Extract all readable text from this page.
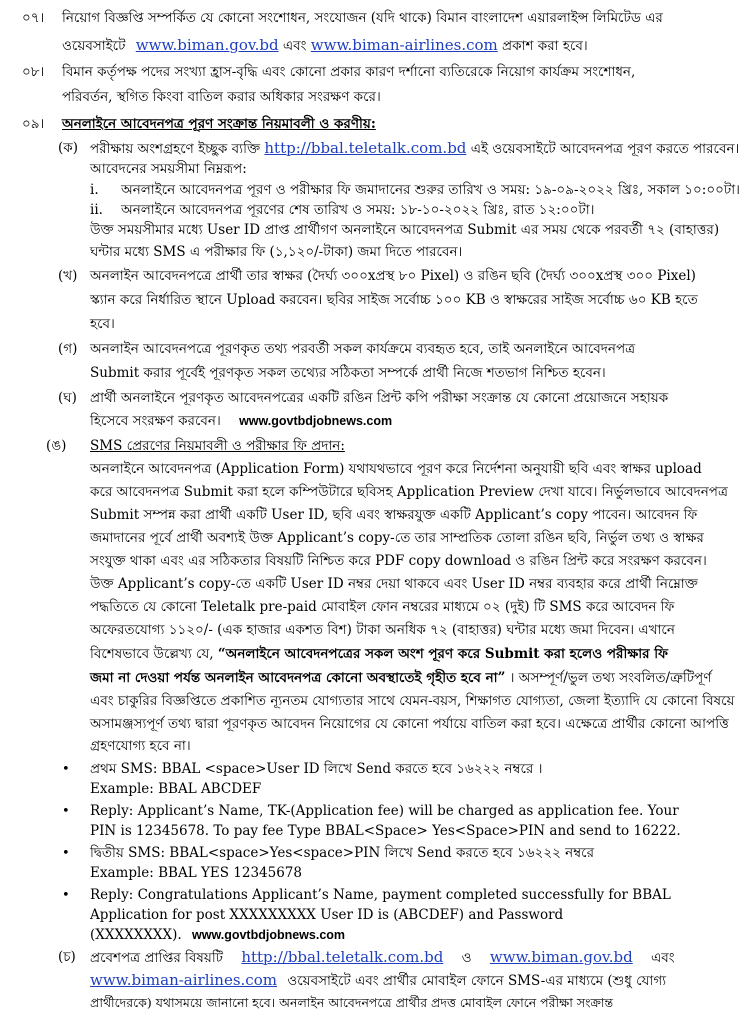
০৭। নিয়োগ বিজ্ঞপ্তি সম্পর্কিত যে কোনো সংশোধন, সংযোজন (যদি থাকে) বিমান বাংলাদেশ এয়ারলাইন্স লিমিটেড এর
ওয়েবসাইটে www.biman.gov.bd এবং www.biman-airlines.com প্রকাশ করা হবে।
০৮। বিমান কর্তৃপক্ষ পদের সংখ্যা হ্রাস-বৃদ্ধি এবং কোনো প্রকার কারণ দর্শানো ব্যতিরেকে নিয়োগ কার্যক্রম সংশোধন,
পরিবর্তন, স্থগিত কিংবা বাতিল করার অধিকার সংরক্ষণ করে।
০৯। অনলাইনে আবেদনপত্র পূরণ সংক্রান্ত নিয়মাবলী ও করণীয়:
(ক) পরীক্ষায় অংশগ্রহণে ইচ্ছুক ব্যক্তি http://bbal.teletalk.com.bd এই ওয়েবসাইটে আবেদনপত্র পূরণ করতে পারবেন।
আবেদনের সময়সীমা নিম্নরূপ:
i. অনলাইনে আবেদনপত্র পূরণ ও পরীক্ষার ফি জমাদানের শুরুর তারিখ ও সময়: ১৯-০৯-২০২২ খ্রিঃ, সকাল ১০:০০টা।
ii. অনলাইনে আবেদনপত্র পূরণের শেষ তারিখ ও সময়: ১৮-১০-২০২২ খ্রিঃ, রাত ১২:০০টা।
উক্ত সময়সীমার মধ্যে User ID প্রাপ্ত প্রার্থীগণ অনলাইনে আবেদনপত্র Submit এর সময় থেকে পরবর্তী ৭২ (বাহাত্তর)
ঘন্টার মধ্যে SMS এ পরীক্ষার ফি (১,১২০/-টাকা) জমা দিতে পারবেন।
(খ) অনলাইন আবেদনপত্রে প্রার্থী তার স্বাক্ষর (দৈর্ঘ্য ৩০০xপ্রস্থ ৮০ Pixel) ও রঙিন ছবি (দৈর্ঘ্য ৩০০xপ্রস্থ ৩০০ Pixel)
স্ক্যান করে নির্ধারিত স্থানে Upload করবেন। ছবির সাইজ সর্বোচ্চ ১০০ KB ও স্বাক্ষরের সাইজ সর্বোচ্চ ৬০ KB হতে
হবে।
(গ) অনলাইন আবেদনপত্রে পূরণকৃত তথ্য পরবর্তী সকল কার্যক্রমে ব্যবহৃত হবে, তাই অনলাইনে আবেদনপত্র
Submit করার পূর্বেই পূরণকৃত সকল তথ্যের সঠিকতা সম্পর্কে প্রার্থী নিজে শতভাগ নিশ্চিত হবেন।
(ঘ) প্রার্থী অনলাইনে পূরণকৃত আবেদনপত্রের একটি রঙিন প্রিন্ট কপি পরীক্ষা সংক্রান্ত যে কোনো প্রয়োজনে সহায়ক
হিসেবে সংরক্ষণ করবেন। www.govtbdjobnews.com
(ঙ) SMS প্রেরণের নিয়মাবলী ও পরীক্ষার ফি প্রদান:
অনলাইনে আবেদনপত্র (Application Form) যথাযথভাবে পূরণ করে নির্দেশনা অনুযায়ী ছবি এবং স্বাক্ষর upload
করে আবেদনপত্র Submit করা হলে কম্পিউটারে ছবিসহ Application Preview দেখা যাবে। নির্ভুলভাবে আবেদনপত্র
Submit সম্পন্ন করা প্রার্থী একটি User ID, ছবি এবং স্বাক্ষরযুক্ত একটি Applicant’s copy পাবেন। আবেদন ফি
জমাদানের পূর্বে প্রার্থী অবশ্যই উক্ত Applicant’s copy-তে তার সাম্প্রতিক তোলা রঙিন ছবি, নির্ভুল তথ্য ও স্বাক্ষর
সংযুক্ত থাকা এবং এর সঠিকতার বিষয়টি নিশ্চিত করে PDF copy download ও রঙিন প্রিন্ট করে সংরক্ষণ করবেন।
উক্ত Applicant’s copy-তে একটি User ID নম্বর দেয়া থাকবে এবং User ID নম্বর ব্যবহার করে প্রার্থী নিম্নোক্ত
পদ্ধতিতে যে কোনো Teletalk pre-paid মোবাইল ফোন নম্বরের মাধ্যমে ০২ (দুই) টি SMS করে আবেদন ফি
অফেরতযোগ্য ১১২০/- (এক হাজার একশত বিশ) টাকা অনধিক ৭২ (বাহাত্তর) ঘন্টার মধ্যে জমা দিবেন। এখানে
বিশেষভাবে উল্লেখ্য যে, “অনলাইনে আবেদনপত্রের সকল অংশ পূরণ করে Submit করা হলেও পরীক্ষার ফি
জমা না দেওয়া পর্যন্ত অনলাইন আবেদনপত্র কোনো অবস্থাতেই গৃহীত হবে না” । অসম্পূর্ণ/ভুল তথ্য সংবলিত/ত্রুটিপূর্ণ
এবং চাকুরির বিজ্ঞপ্তিতে প্রকাশিত ন্যূনতম যোগ্যতার সাথে যেমন-বয়স, শিক্ষাগত যোগ্যতা, জেলা ইত্যাদি যে কোনো বিষয়ে
অসামঞ্জস্যপূর্ণ তথ্য দ্বারা পূরণকৃত আবেদন নিয়োগের যে কোনো পর্যায়ে বাতিল করা হবে। এক্ষেত্রে প্রার্থীর কোনো আপত্তি
গ্রহণযোগ্য হবে না।
• প্রথম SMS: BBAL <space>User ID লিখে Send করতে হবে ১৬২২২ নম্বরে ।
Example: BBAL ABCDEF
• Reply: Applicant’s Name, TK-(Application fee) will be charged as application fee. Your
PIN is 12345678. To pay fee Type BBAL<Space> Yes<Space>PIN and send to 16222.
• দ্বিতীয় SMS: BBAL<space>Yes<space>PIN লিখে Send করতে হবে ১৬২২২ নম্বরে
Example: BBAL YES 12345678
• Reply: Congratulations Applicant’s Name, payment completed successfully for BBAL
Application for post XXXXXXXXX User ID is (ABCDEF) and Password
(XXXXXXXX). www.govtbdjobnews.com
(চ) প্রবেশপত্র প্রাপ্তির বিষয়টি http://bbal.teletalk.com.bd ও www.biman.gov.bd এবং
www.biman-airlines.com ওয়েবসাইটে এবং প্রার্থীর মোবাইল ফোনে SMS-এর মাধ্যমে (শুধু যোগ্য
প্রার্থীদেরকে) যথাসময়ে জানানো হবে। অনলাইন আবেদনপত্রে প্রার্থীর প্রদত্ত মোবাইল ফোনে পরীক্ষা সংক্রান্ত
